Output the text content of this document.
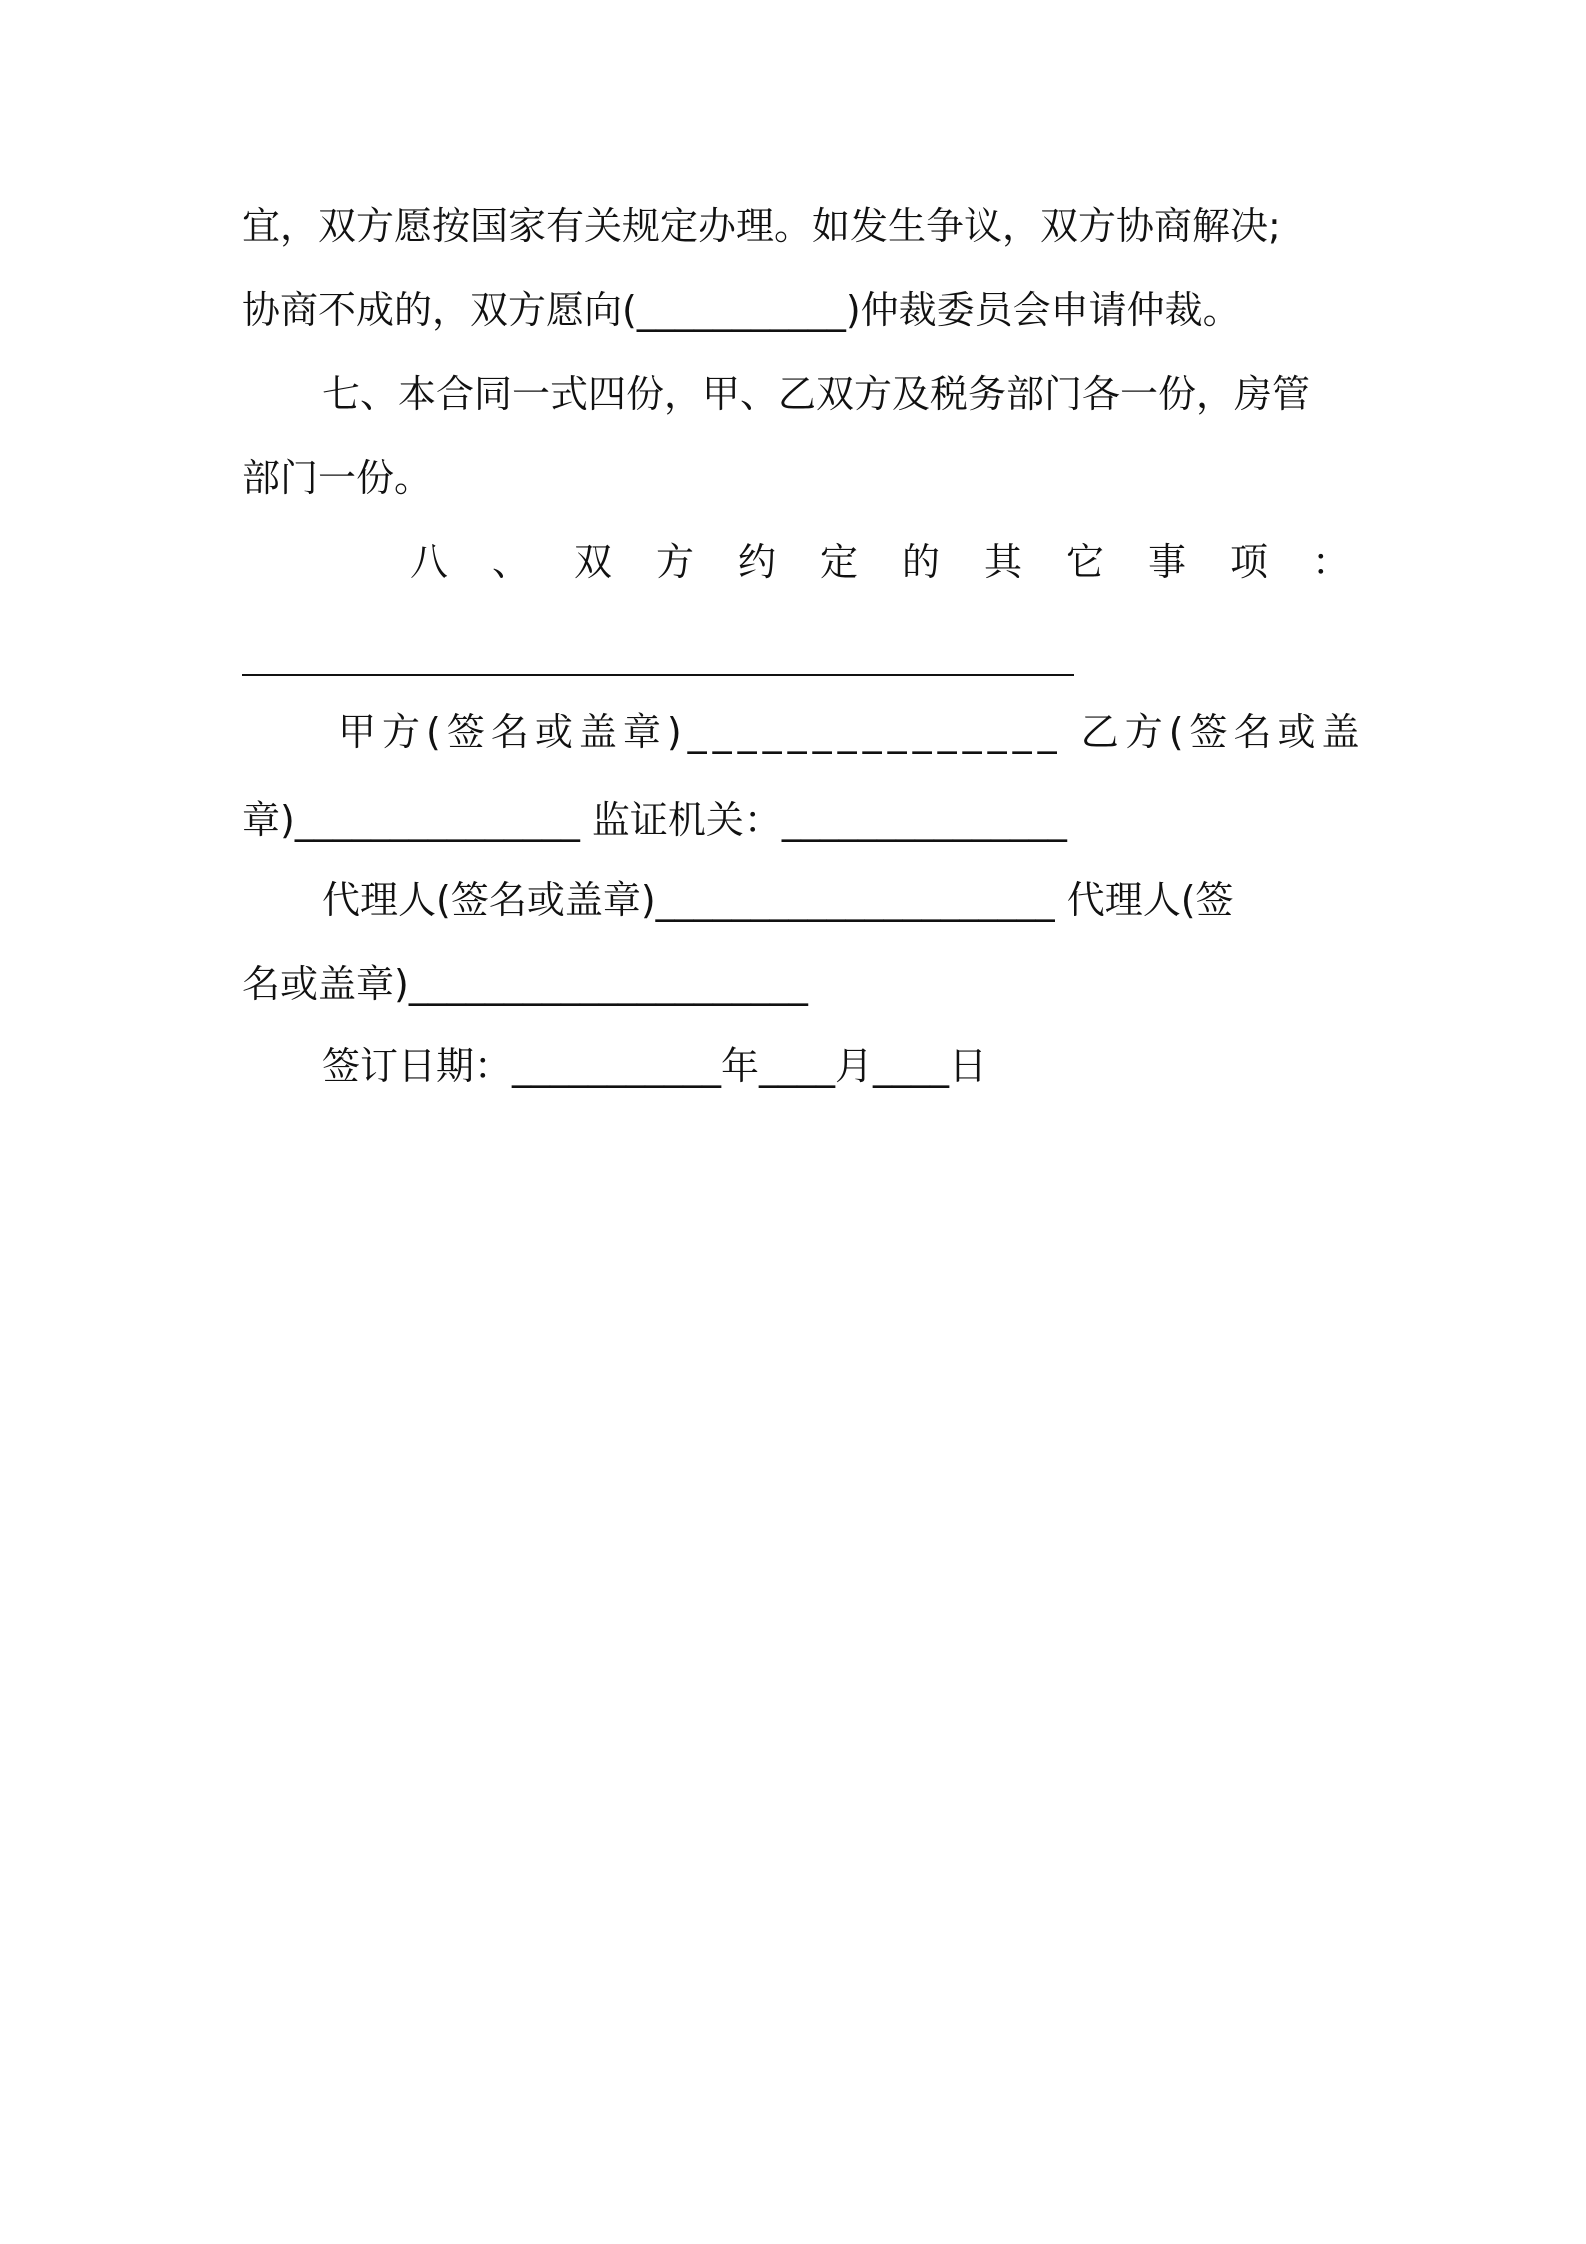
宜，双方愿按国家有关规定办理。如发生争议，双方协商解决;
协商不成的，双方愿向(___________)仲裁委员会申请仲裁。
七、本合同一式四份，甲、乙双方及税务部门各一份，房管
部门一份。
八、双方约定的其它事项：
甲方(签名或盖章)_______________ 乙方(签名或盖
章)_______________ 监证机关：_______________
代理人(签名或盖章)_____________________ 代理人(签
名或盖章)_____________________
签订日期：___________年____月____日
